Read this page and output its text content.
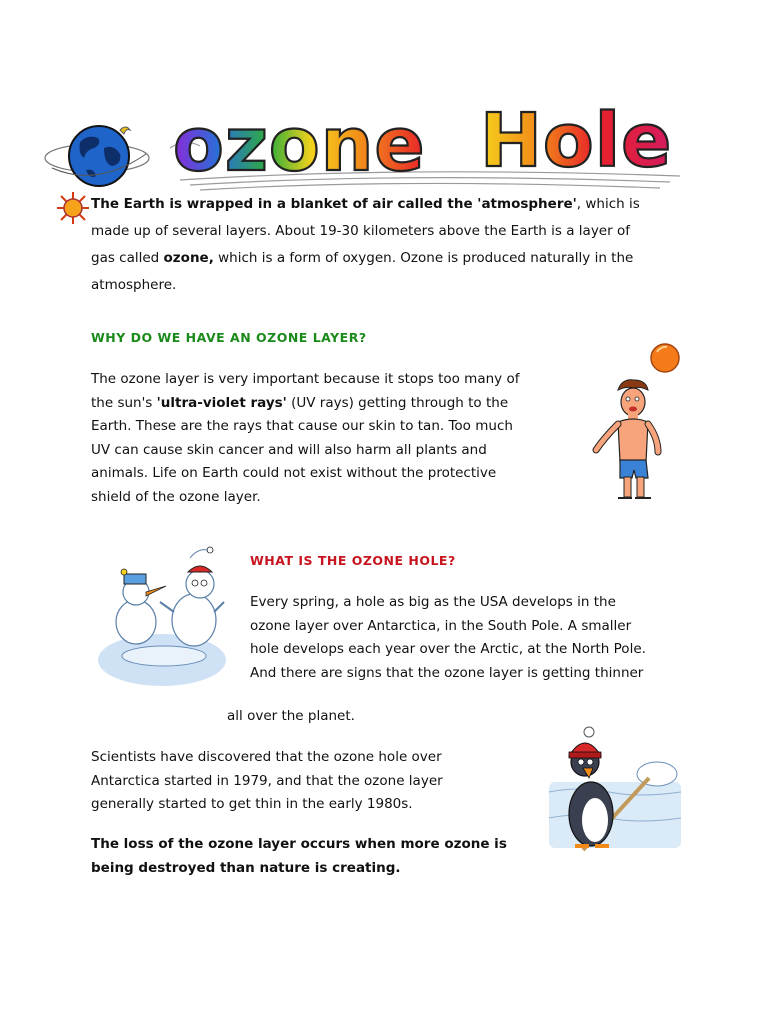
ozone Hole
The Earth is wrapped in a blanket of air called the 'atmosphere', which is
made up of several layers. About 19-30 kilometers above the Earth is a layer of
gas called ozone, which is a form of oxygen. Ozone is produced naturally in the
atmosphere.
WHY DO WE HAVE AN OZONE LAYER?
The ozone layer is very important because it stops too many of
the sun's 'ultra-violet rays' (UV rays) getting through to the
Earth. These are the rays that cause our skin to tan. Too much
UV can cause skin cancer and will also harm all plants and
animals. Life on Earth could not exist without the protective
shield of the ozone layer.
WHAT IS THE OZONE HOLE?
Every spring, a hole as big as the USA develops in the
ozone layer over Antarctica, in the South Pole. A smaller
hole develops each year over the Arctic, at the North Pole.
And there are signs that the ozone layer is getting thinner
all over the planet.
Scientists have discovered that the ozone hole over
Antarctica started in 1979, and that the ozone layer
generally started to get thin in the early 1980s.
The loss of the ozone layer occurs when more ozone is
being destroyed than nature is creating.
